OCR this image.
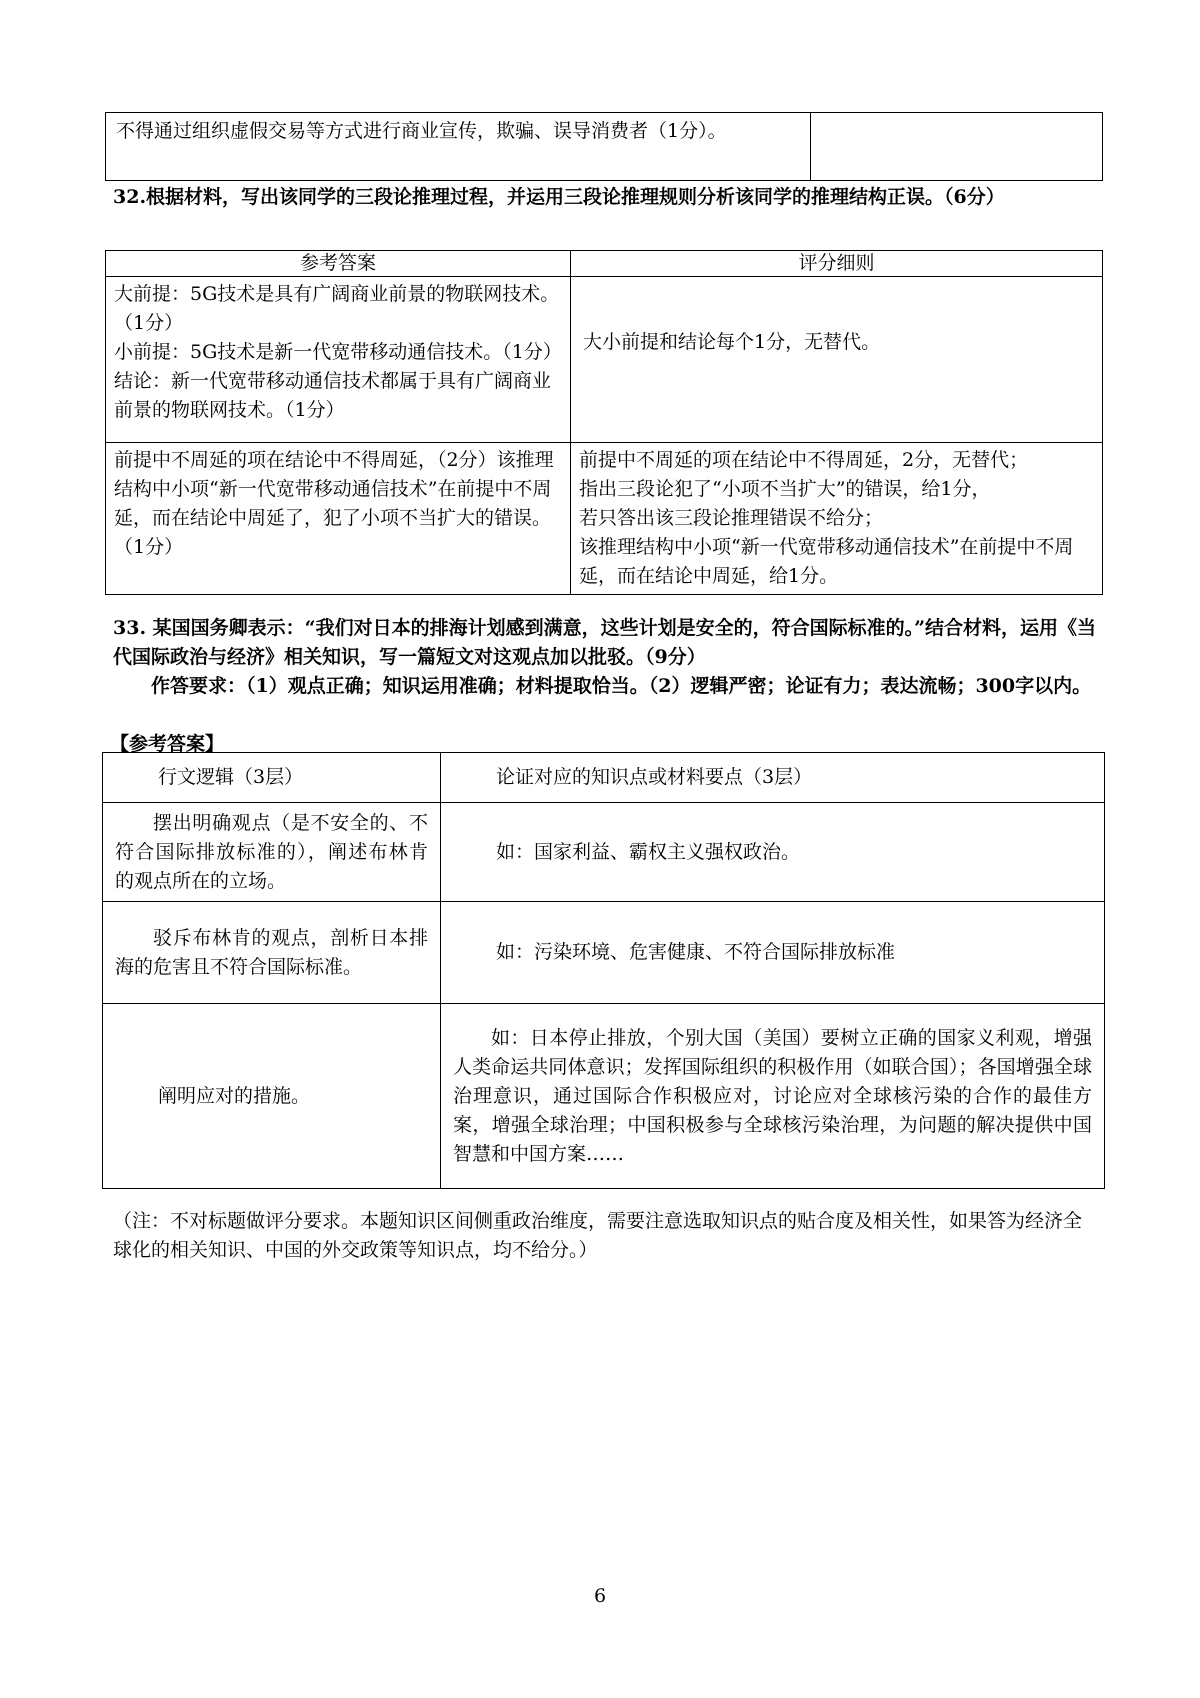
不得通过组织虚假交易等方式进行商业宣传，欺骗、误导消费者（1分）。	
32.根据材料，写出该同学的三段论推理过程，并运用三段论推理规则分析该同学的推理结构正误。（6分）
参考答案	评分细则

大前提：5G技术是具有广阔商业前景的物联网技术。（1分）
小前提：5G技术是新一代宽带移动通信技术。（1分）
结论：新一代宽带移动通信技术都属于具有广阔商业前景的物联网技术。（1分）	大小前提和结论每个1分，无替代。

前提中不周延的项在结论中不得周延，（2分）该推理结构中小项“新一代宽带移动通信技术”在前提中不周延，而在结论中周延了，犯了小项不当扩大的错误。（1分）	前提中不周延的项在结论中不得周延，2分，无替代；
指出三段论犯了“小项不当扩大”的错误，给1分，
若只答出该三段论推理错误不给分；
该推理结构中小项“新一代宽带移动通信技术”在前提中不周延，而在结论中周延，给1分。
33. 某国国务卿表示：“我们对日本的排海计划感到满意，这些计划是安全的，符合国际标准的。”结合材料，运用《当代国际政治与经济》相关知识，写一篇短文对这观点加以批驳。（9分）
作答要求：（1）观点正确；知识运用准确；材料提取恰当。（2）逻辑严密；论证有力；表达流畅；300字以内。
【参考答案】
行文逻辑（3层）	论证对应的知识点或材料要点（3层）
摆出明确观点（是不安全的、不符合国际排放标准的），阐述布林肯的观点所在的立场。	如：国家利益、霸权主义强权政治。
驳斥布林肯的观点，剖析日本排海的危害且不符合国际标准。	如：污染环境、危害健康、不符合国际排放标准
阐明应对的措施。	如：日本停止排放，个别大国（美国）要树立正确的国家义利观，增强人类命运共同体意识；发挥国际组织的积极作用（如联合国）；各国增强全球治理意识，通过国际合作积极应对，讨论应对全球核污染的合作的最佳方案，增强全球治理；中国积极参与全球核污染治理，为问题的解决提供中国智慧和中国方案……
（注：不对标题做评分要求。本题知识区间侧重政治维度，需要注意选取知识点的贴合度及相关性，如果答为经济全球化的相关知识、中国的外交政策等知识点，均不给分。）
6
